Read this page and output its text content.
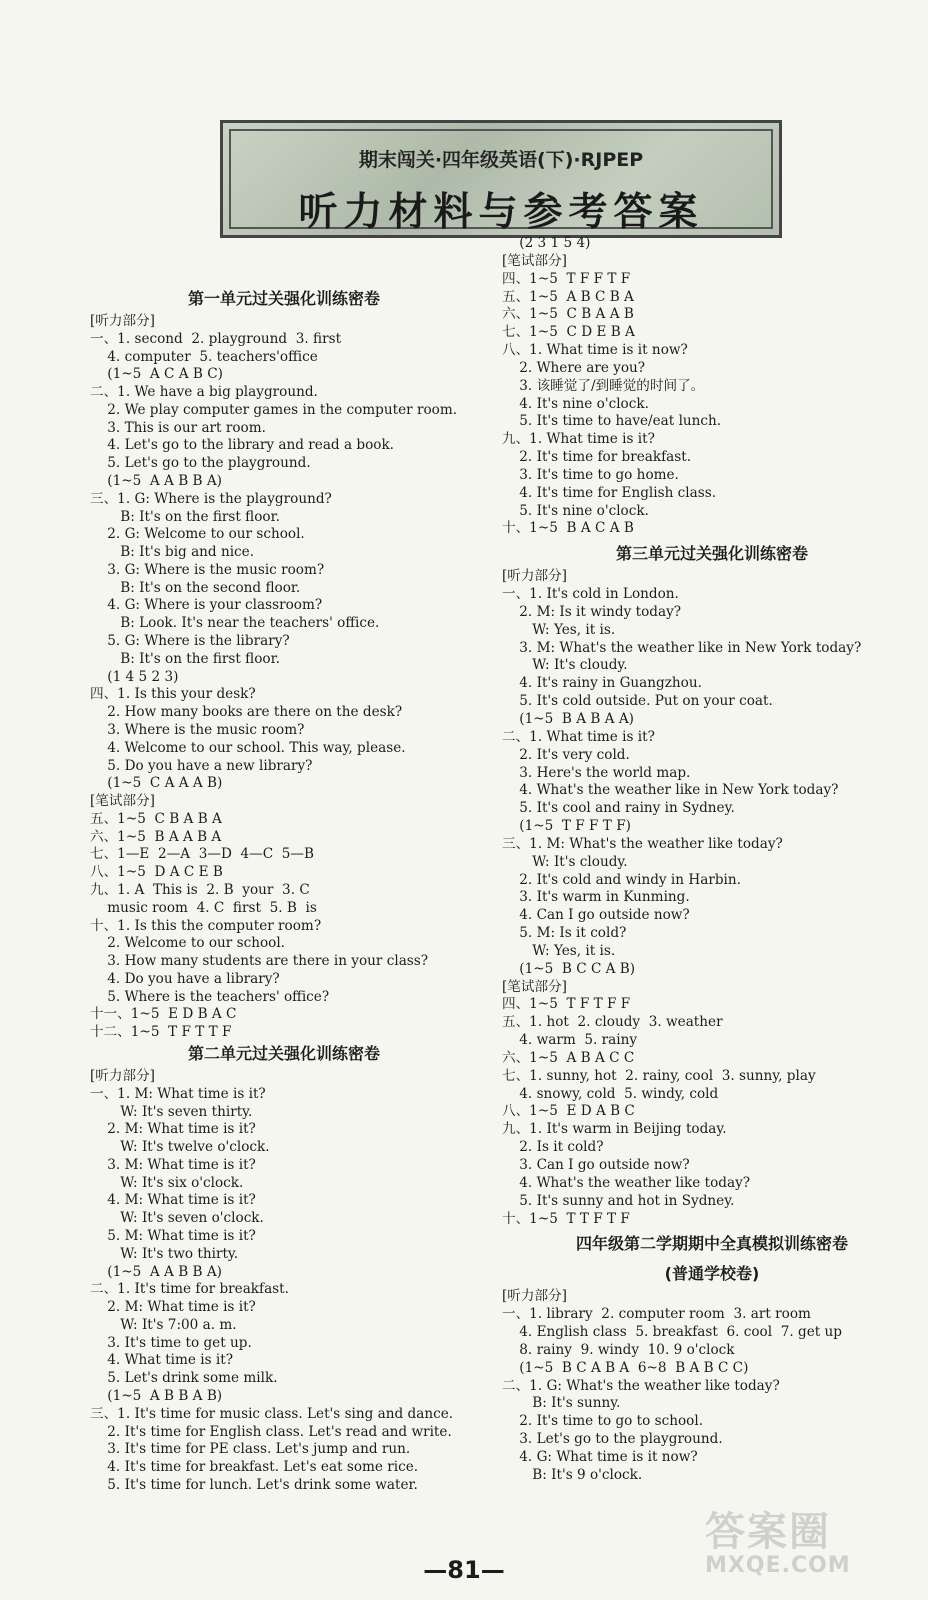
期末闯关·四年级英语(下)·RJPEP
听力材料与参考答案
第一单元过关强化训练密卷
[听力部分]
一、1. second  2. playground  3. first
4. computer  5. teachers'office
(1~5  A C A B C)
二、1. We have a big playground.
2. We play computer games in the computer room.
3. This is our art room.
4. Let's go to the library and read a book.
5. Let's go to the playground.
(1~5  A A B B A)
三、1. G: Where is the playground?
B: It's on the first floor.
2. G: Welcome to our school.
B: It's big and nice.
3. G: Where is the music room?
B: It's on the second floor.
4. G: Where is your classroom?
B: Look. It's near the teachers' office.
5. G: Where is the library?
B: It's on the first floor.
(1 4 5 2 3)
四、1. Is this your desk?
2. How many books are there on the desk?
3. Where is the music room?
4. Welcome to our school. This way, please.
5. Do you have a new library?
(1~5  C A A A B)
[笔试部分]
五、1~5  C B A B A
六、1~5  B A A B A
七、1—E  2—A  3—D  4—C  5—B
八、1~5  D A C E B
九、1. A  This is  2. B  your  3. C
music room  4. C  first  5. B  is
十、1. Is this the computer room?
2. Welcome to our school.
3. How many students are there in your class?
4. Do you have a library?
5. Where is the teachers' office?
十一、1~5  E D B A C
十二、1~5  T F T T F
第二单元过关强化训练密卷
[听力部分]
一、1. M: What time is it?
W: It's seven thirty.
2. M: What time is it?
W: It's twelve o'clock.
3. M: What time is it?
W: It's six o'clock.
4. M: What time is it?
W: It's seven o'clock.
5. M: What time is it?
W: It's two thirty.
(1~5  A A B B A)
二、1. It's time for breakfast.
2. M: What time is it?
W: It's 7:00 a. m.
3. It's time to get up.
4. What time is it?
5. Let's drink some milk.
(1~5  A B B A B)
三、1. It's time for music class. Let's sing and dance.
2. It's time for English class. Let's read and write.
3. It's time for PE class. Let's jump and run.
4. It's time for breakfast. Let's eat some rice.
5. It's time for lunch. Let's drink some water.
(2 3 1 5 4)
[笔试部分]
四、1~5  T F F T F
五、1~5  A B C B A
六、1~5  C B A A B
七、1~5  C D E B A
八、1. What time is it now?
2. Where are you?
3. 该睡觉了/到睡觉的时间了。
4. It's nine o'clock.
5. It's time to have/eat lunch.
九、1. What time is it?
2. It's time for breakfast.
3. It's time to go home.
4. It's time for English class.
5. It's nine o'clock.
十、1~5  B A C A B
第三单元过关强化训练密卷
[听力部分]
一、1. It's cold in London.
2. M: Is it windy today?
W: Yes, it is.
3. M: What's the weather like in New York today?
W: It's cloudy.
4. It's rainy in Guangzhou.
5. It's cold outside. Put on your coat.
(1~5  B A B A A)
二、1. What time is it?
2. It's very cold.
3. Here's the world map.
4. What's the weather like in New York today?
5. It's cool and rainy in Sydney.
(1~5  T F F T F)
三、1. M: What's the weather like today?
W: It's cloudy.
2. It's cold and windy in Harbin.
3. It's warm in Kunming.
4. Can I go outside now?
5. M: Is it cold?
W: Yes, it is.
(1~5  B C C A B)
[笔试部分]
四、1~5  T F T F F
五、1. hot  2. cloudy  3. weather
4. warm  5. rainy
六、1~5  A B A C C
七、1. sunny, hot  2. rainy, cool  3. sunny, play
4. snowy, cold  5. windy, cold
八、1~5  E D A B C
九、1. It's warm in Beijing today.
2. Is it cold?
3. Can I go outside now?
4. What's the weather like today?
5. It's sunny and hot in Sydney.
十、1~5  T T F T F
四年级第二学期期中全真模拟训练密卷
(普通学校卷)
[听力部分]
一、1. library  2. computer room  3. art room
4. English class  5. breakfast  6. cool  7. get up
8. rainy  9. windy  10. 9 o'clock
(1~5  B C A B A  6~8  B A B C C)
二、1. G: What's the weather like today?
B: It's sunny.
2. It's time to go to school.
3. Let's go to the playground.
4. G: What time is it now?
B: It's 9 o'clock.
—81—
答案圈
MXQE.COM
